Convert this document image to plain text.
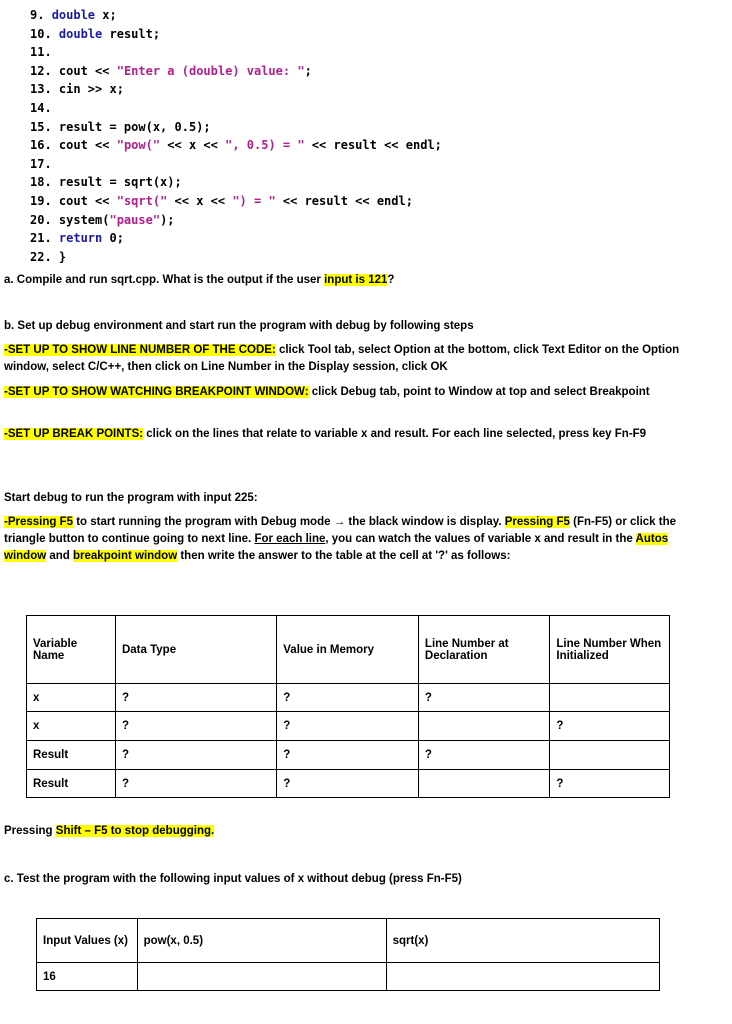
9. double x;
10. double result;
11.
12. cout << "Enter a (double) value: ";
13. cin >> x;
14.
15. result = pow(x, 0.5);
16. cout << "pow(" << x << ", 0.5) = " << result << endl;
17.
18. result = sqrt(x);
19. cout << "sqrt(" << x << ") = " << result << endl;
20. system("pause");
21. return 0;
22. }
a. Compile and run sqrt.cpp. What is the output if the user input is 121?
b. Set up debug environment and start run the program with debug by following steps
-SET UP TO SHOW LINE NUMBER OF THE CODE: click Tool tab, select Option at the bottom, click Text Editor on the Option window, select C/C++, then click on Line Number in the Display session, click OK
-SET UP TO SHOW WATCHING BREAKPOINT WINDOW: click Debug tab, point to Window at top and select Breakpoint
-SET UP BREAK POINTS: click on the lines that relate to variable x and result. For each line selected, press key Fn-F9
Start debug to run the program with input 225:
-Pressing F5 to start running the program with Debug mode → the black window is display. Pressing F5 (Fn-F5) or click the triangle button to continue going to next line. For each line, you can watch the values of variable x and result in the Autos window and breakpoint window then write the answer to the table at the cell at '?' as follows:
Variable Name	Data Type	Value in Memory	Line Number at Declaration	Line Number When Initialized
x	?	?	?	
x	?	?		?
Result	?	?	?	
Result	?	?		?
Pressing Shift – F5 to stop debugging.
c. Test the program with the following input values of x without debug (press Fn-F5)
Input Values (x)	pow(x, 0.5)	sqrt(x)
16		
